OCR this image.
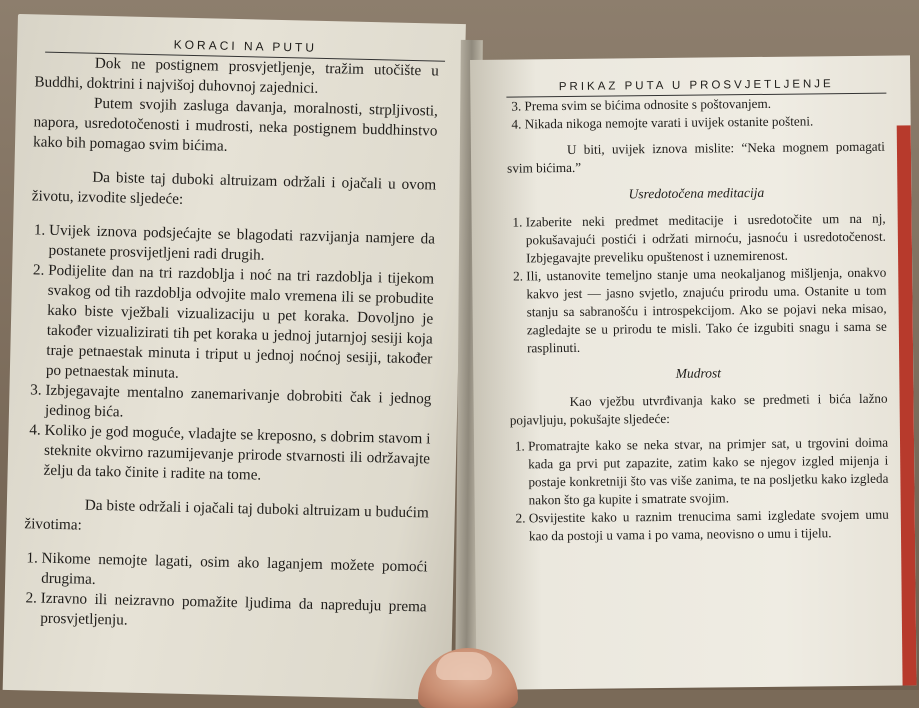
KORACI NA PUTU

Dok ne postignem prosvjetljenje, tražim utočište u Buddhi, doktrini i najvišoj duhovnoj zajednici.

Putem svojih zasluga davanja, moralnosti, strpljivosti, napora, usredotočenosti i mudrosti, neka postignem buddhinstvo kako bih pomagao svim bićima.

Da biste taj duboki altruizam održali i ojačali u ovom životu, izvodite sljedeće:

1. Uvijek iznova podsjećajte se blagodati razvijanja namjere da postanete prosvijetljeni radi drugih.
2. Podijelite dan na tri razdoblja i noć na tri razdoblja i tijekom svakog od tih razdoblja odvojite malo vremena ili se probudite kako biste vježbali vizualizaciju u pet koraka. Dovoljno je također vizualizirati tih pet koraka u jednoj jutarnjoj sesiji koja traje petnaestak minuta i triput u jednoj noćnoj sesiji, također po petnaestak minuta.
3. Izbjegavajte mentalno zanemarivanje dobrobiti čak i jednog jedinog bića.
4. Koliko je god moguće, vladajte se kreposno, s dobrim stavom i steknite okvirno razumijevanje prirode stvarnosti ili održavajte želju da tako činite i radite na tome.

Da biste održali i ojačali taj duboki altruizam u budućim životima:

1. Nikome nemojte lagati, osim ako laganjem možete pomoći drugima.
2. Izravno ili neizravno pomažite ljudima da napreduju prema prosvjetljenju.
PRIKAZ PUTA U PROSVJETLJENJE
3. Prema svim se bićima odnosite s poštovanjem.
4. Nikada nikoga nemojte varati i uvijek ostanite pošteni.

U biti, uvijek iznova mislite: “Neka mognem pomagati svim bićima.”

Usredotočena meditacija
1. Izaberite neki predmet meditacije i usredotočite um na nj, pokušavajući postići i održati mirnoću, jasnoću i usredotočenost. Izbjegavajte preveliku opuštenost i uznemirenost.
2. Ili, ustanovite temeljno stanje uma neokaljanog mišljenja, onakvo kakvo jest — jasno svjetlo, znajuću prirodu uma. Ostanite u tom stanju sa sabranošću i introspekcijom. Ako se pojavi neka misao, zagledajte se u prirodu te misli. Tako će izgubiti snagu i sama se rasplinuti.
Mudrost

Kao vježbu utvrđivanja kako se predmeti i bića lažno pojavljuju, pokušajte sljedeće:

1. Promatrajte kako se neka stvar, na primjer sat, u trgovini doima kada ga prvi put zapazite, zatim kako se njegov izgled mijenja i postaje konkretniji što vas više zanima, te na posljetku kako izgleda nakon što ga kupite i smatrate svojim.
2. Osvijestite kako u raznim trenucima sami izgledate svojem umu kao da postoji u vama i po vama, neovisno o umu i tijelu.
